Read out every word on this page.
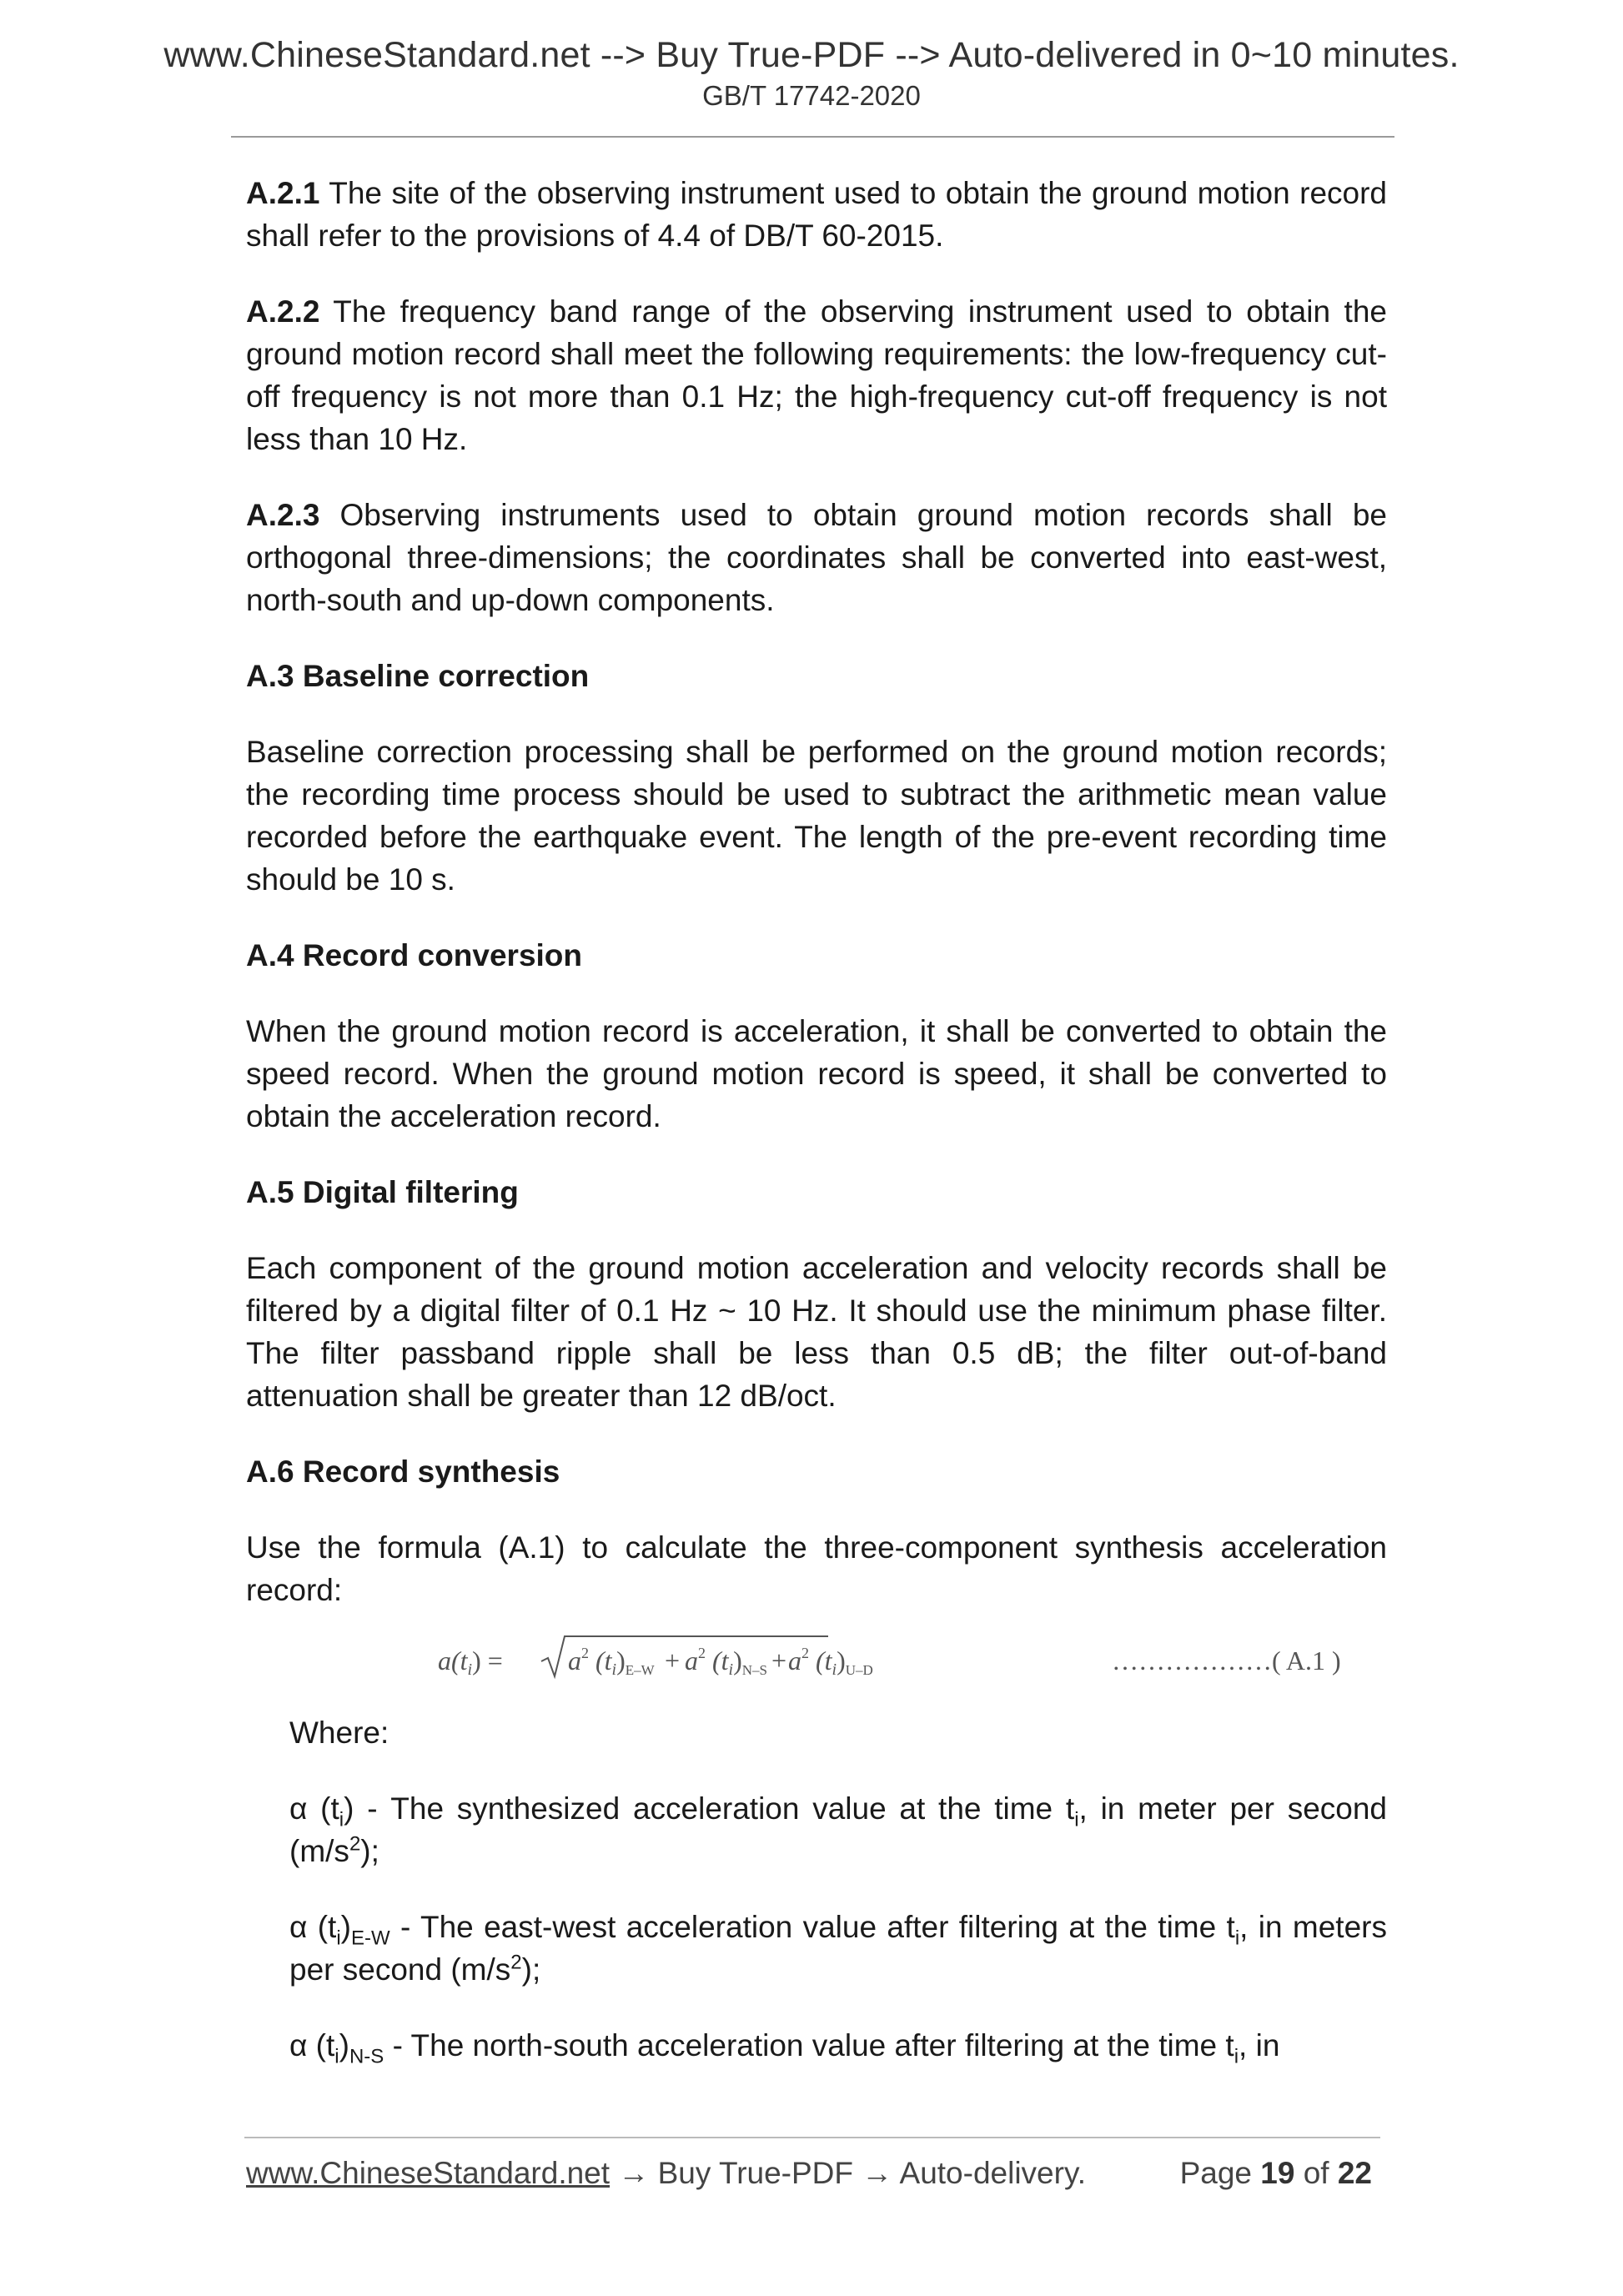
www.ChineseStandard.net --> Buy True-PDF --> Auto-delivered in 0~10 minutes.
GB/T 17742-2020

A.2.1 The site of the observing instrument used to obtain the ground motion record shall refer to the provisions of 4.4 of DB/T 60-2015.

A.2.2 The frequency band range of the observing instrument used to obtain the ground motion record shall meet the following requirements: the low-frequency cut-off frequency is not more than 0.1 Hz; the high-frequency cut-off frequency is not less than 10 Hz.

A.2.3 Observing instruments used to obtain ground motion records shall be orthogonal three-dimensions; the coordinates shall be converted into east-west, north-south and up-down components.

A.3 Baseline correction

Baseline correction processing shall be performed on the ground motion records; the recording time process should be used to subtract the arithmetic mean value recorded before the earthquake event. The length of the pre-event recording time should be 10 s.

A.4 Record conversion

When the ground motion record is acceleration, it shall be converted to obtain the speed record. When the ground motion record is speed, it shall be converted to obtain the acceleration record.

A.5 Digital filtering

Each component of the ground motion acceleration and velocity records shall be filtered by a digital filter of 0.1 Hz ~ 10 Hz. It should use the minimum phase filter. The filter passband ripple shall be less than 0.5 dB; the filter out-of-band attenuation shall be greater than 12 dB/oct.

A.6 Record synthesis

Use the formula (A.1) to calculate the three-component synthesis acceleration record:

$a(ti) = a^2$ $(ti)E-W + a^2$ $(ti)N-S + a^2$ (ti)U–D	………………( A.1 )

Where:

α $(t_i)$ - The synthesized acceleration value at the time $t_i$, in meter per second $(m/s^2)$;

α $(t_i)_{E-W}$ - The east-west acceleration value after filtering at the time $t_i$, in meters per second $(m/s^2)$;

α $(t_i)_{N-S}$ - The north-south acceleration value after filtering at the time $t_i$, in

www.ChineseStandard.net → Buy True-PDF → Auto-delivery.	Page 19 of 22
